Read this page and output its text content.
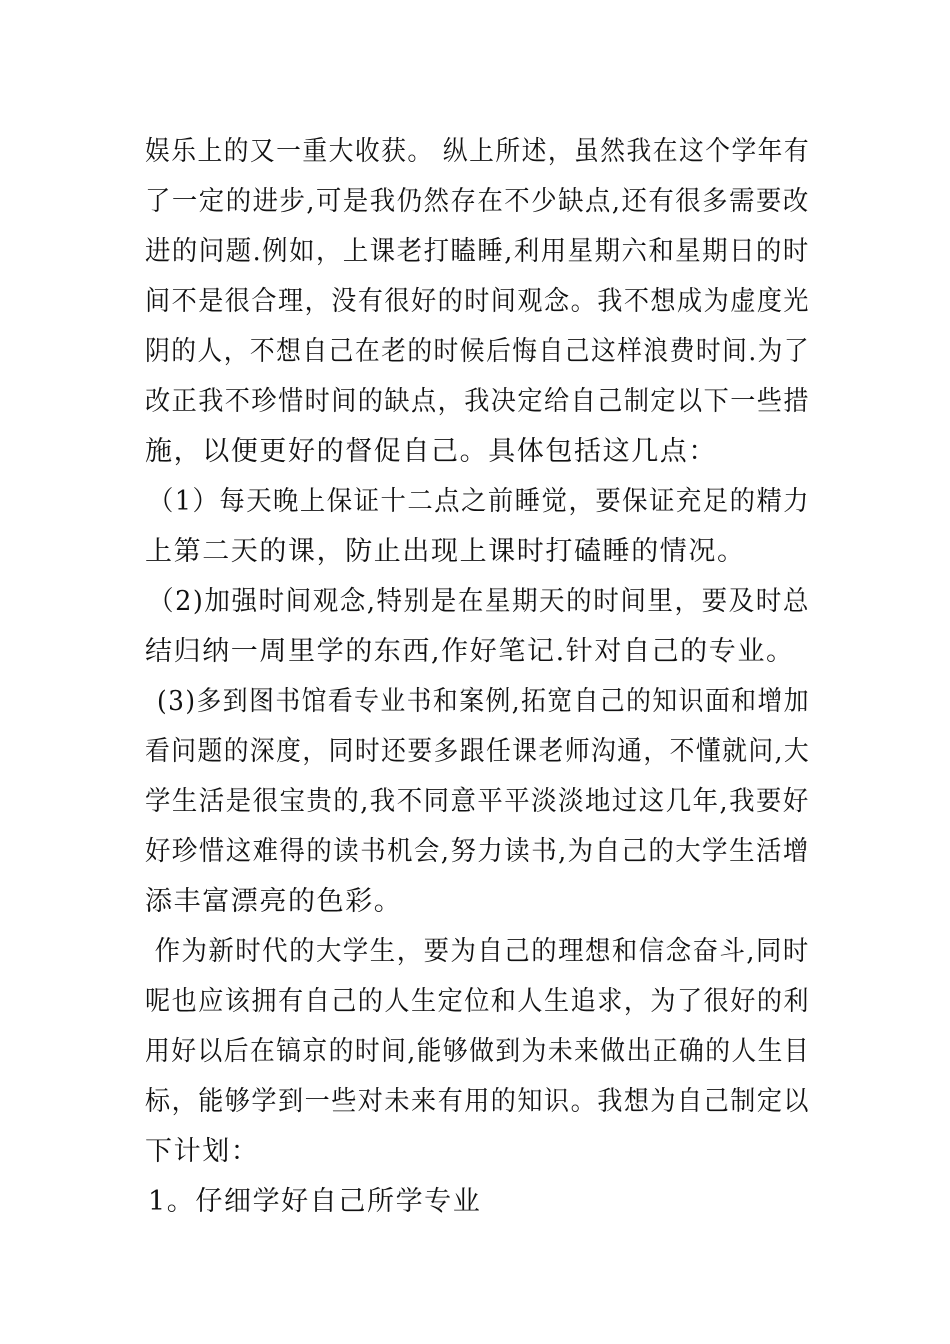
娱乐上的又一重大收获。 纵上所述，虽然我在这个学年有
了一定的进步,可是我仍然存在不少缺点,还有很多需要改
进的问题.例如，上课老打瞌睡,利用星期六和星期日的时
间不是很合理，没有很好的时间观念。我不想成为虚度光
阴的人，不想自己在老的时候后悔自己这样浪费时间.为了
改正我不珍惜时间的缺点，我决定给自己制定以下一些措
施，以便更好的督促自己。具体包括这几点：
（1）每天晚上保证十二点之前睡觉，要保证充足的精力
上第二天的课，防止出现上课时打磕睡的情况。
（2)加强时间观念,特别是在星期天的时间里，要及时总
结归纳一周里学的东西,作好笔记.针对自己的专业。
(3)多到图书馆看专业书和案例,拓宽自己的知识面和增加
看问题的深度，同时还要多跟任课老师沟通，不懂就问,大
学生活是很宝贵的,我不同意平平淡淡地过这几年,我要好
好珍惜这难得的读书机会,努力读书,为自己的大学生活增
添丰富漂亮的色彩。
作为新时代的大学生，要为自己的理想和信念奋斗,同时
呢也应该拥有自己的人生定位和人生追求，为了很好的利
用好以后在镐京的时间,能够做到为未来做出正确的人生目
标，能够学到一些对未来有用的知识。我想为自己制定以
下计划：
1。仔细学好自己所学专业
